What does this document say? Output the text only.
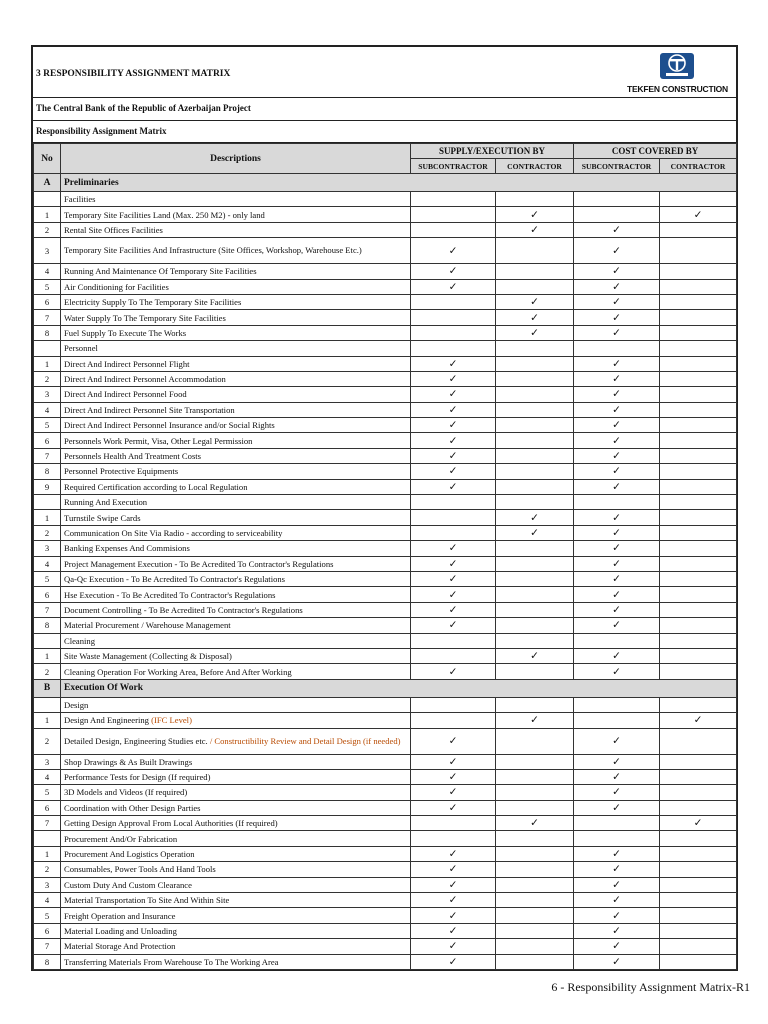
3 RESPONSIBILITY ASSIGNMENT MATRIX
TEKFEN CONSTRUCTION
The Central Bank of the Republic of Azerbaijan Project
Responsibility Assignment Matrix
No	Descriptions	SUPPLY/EXECUTION BY		COST COVERED BY	
		SUBCONTRACTOR	CONTRACTOR	SUBCONTRACTOR	CONTRACTOR
A	Preliminaries				
	Facilities				
1	Temporary Site Facilities Land (Max. 250 M2) - only land		✓		✓
2	Rental Site Offices Facilities		✓	✓	
3	Temporary Site Facilities And Infrastructure (Site Offices, Workshop, Warehouse Etc.)	✓		✓	
4	Running And Maintenance Of Temporary Site Facilities	✓		✓	
5	Air Conditioning for Facilities	✓		✓	
6	Electricity Supply To The Temporary Site Facilities		✓	✓	
7	Water Supply To The Temporary Site Facilities		✓	✓	
8	Fuel Supply To Execute The Works		✓	✓	
	Personnel				
1	Direct And Indirect Personnel Flight	✓		✓	
2	Direct And Indirect Personnel Accommodation	✓		✓	
3	Direct And Indirect Personnel Food	✓		✓	
4	Direct And Indirect Personnel Site Transportation	✓		✓	
5	Direct And Indirect Personnel Insurance and/or Social Rights	✓		✓	
6	Personnels Work Permit, Visa, Other Legal Permission	✓		✓	
7	Personnels Health And Treatment Costs	✓		✓	
8	Personnel Protective Equipments	✓		✓	
9	Required Certification according to Local Regulation	✓		✓	
	Running And Execution				
1	Turnstile Swipe Cards		✓	✓	
2	Communication On Site Via Radio - according to serviceability		✓	✓	
3	Banking Expenses And Commisions	✓		✓	
4	Project Management Execution - To Be Acredited To Contractor's Regulations	✓		✓	
5	Qa-Qc Execution - To Be Acredited To Contractor's Regulations	✓		✓	
6	Hse Execution - To Be Acredited To Contractor's Regulations	✓		✓	
7	Document Controlling - To Be Acredited To Contractor's Regulations	✓		✓	
8	Material Procurement / Warehouse Management	✓		✓	
	Cleaning				
1	Site Waste Management (Collecting & Disposal)		✓	✓	
2	Cleaning Operation For Working Area, Before And After Working	✓		✓	
B	Execution Of Work				
	Design				
1	Design And Engineering (IFC Level)		✓		✓
2	Detailed Design, Engineering Studies etc. / Constructibility Review and Detail Design (if needed)	✓		✓	
3	Shop Drawings & As Built Drawings	✓		✓	
4	Performance Tests for Design (If required)	✓		✓	
5	3D Models and Videos (If required)	✓		✓	
6	Coordination with Other Design Parties	✓		✓	
7	Getting Design Approval From Local Authorities (If required)		✓		✓
	Procurement And/Or Fabrication				
1	Procurement And Logistics Operation	✓		✓	
2	Consumables, Power Tools And Hand Tools	✓		✓	
3	Custom Duty And Custom Clearance	✓		✓	
4	Material Transportation To Site And Within Site	✓		✓	
5	Freight Operation and Insurance	✓		✓	
6	Material Loading and Unloading	✓		✓	
7	Material Storage And Protection	✓		✓	
8	Transferring Materials From Warehouse To The Working Area	✓		✓	
6 - Responsibility Assignment Matrix-R1
